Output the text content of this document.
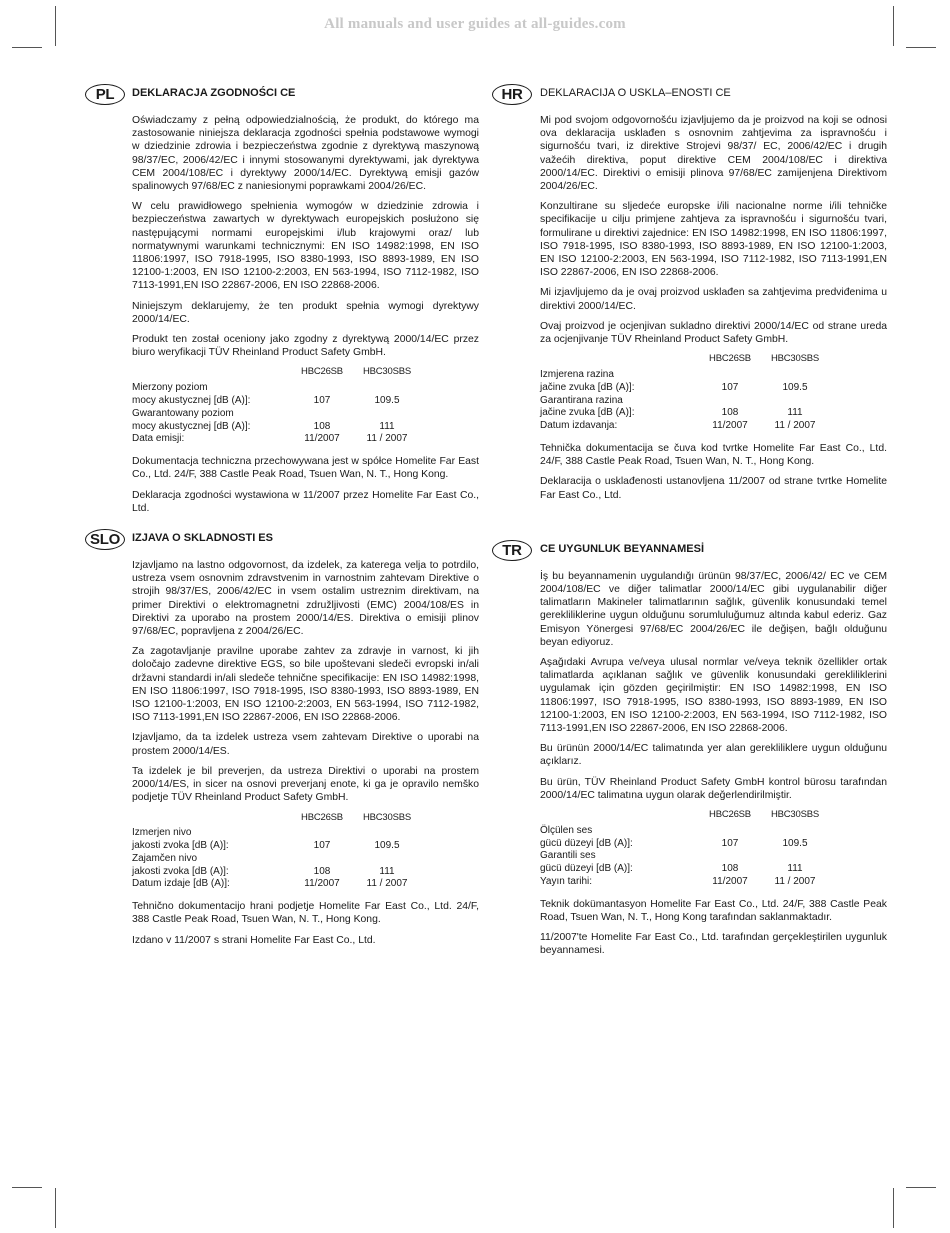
All manuals and user guides at all-guides.com
PL	DEKLARACJA ZGODNOŚCI CE

Oświadczamy z pełną odpowiedzialnością, że produkt, do którego ma zastosowanie niniejsza deklaracja zgodności spełnia podstawowe wymogi w dziedzinie zdrowia i bezpieczeństwa zgodnie z dyrektywą maszynową 98/37/EC, 2006/42/EC i innymi stosowanymi dyrektywami, jak dyrektywa CEM 2004/108/EC i dyrektywy 2000/14/EC. Dyrektywą emisji gazów spalinowych 97/68/EC z naniesionymi poprawkami 2004/26/EC.

W celu prawidłowego spełnienia wymogów w dziedzinie zdrowia i bezpieczeństwa zawartych w dyrektywach europejskich posłużono się następującymi normami europejskimi i/lub krajowymi oraz/ lub normatywnymi warunkami technicznymi: EN ISO 14982:1998, EN ISO 11806:1997, ISO 7918-1995, ISO 8380-1993, ISO 8893-1989, EN ISO 12100-1:2003, EN ISO 12100-2:2003, EN 563-1994, ISO 7112-1982, ISO 7113-1991,EN ISO 22867-2006, EN ISO 22868-2006.

Niniejszym deklarujemy, że ten produkt spełnia wymogi dyrektywy 2000/14/EC.

Produkt ten został oceniony jako zgodny z dyrektywą 2000/14/EC przez biuro weryfikacji TÜV Rheinland Product Safety GmbH.

	HBC26SB	HBC30SBS
Mierzony poziom		
mocy akustycznej [dB (A)]:	107	109.5
Gwarantowany poziom		
mocy akustycznej [dB (A)]:	108	111
Data emisji:	11/2007	11 / 2007

Dokumentacja techniczna przechowywana jest w spółce Homelite Far East Co., Ltd. 24/F, 388 Castle Peak Road, Tsuen Wan, N. T., Hong Kong.

Deklaracja zgodności wystawiona w 11/2007 przez Homelite Far East Co., Ltd.

SLO	IZJAVA O SKLADNOSTI ES

Izjavljamo na lastno odgovornost, da izdelek, za katerega velja to potrdilo, ustreza vsem osnovnim zdravstvenim in varnostnim zahtevam Direktive o strojih 98/37/ES, 2006/42/EC in vsem ostalim ustreznim direktivam, na primer Direktivi o elektromagnetni združljivosti (EMC) 2004/108/ES in Direktivi za uporabo na prostem 2000/14/ES. Direktiva o emisiji plinov 97/68/EC, popravljena z 2004/26/EC.

Za zagotavljanje pravilne uporabe zahtev za zdravje in varnost, ki jih določajo zadevne direktive EGS, so bile upoštevani sledeči evropski in/ali državni standardi in/ali sledeče tehnične specifikacije: EN ISO 14982:1998, EN ISO 11806:1997, ISO 7918-1995, ISO 8380-1993, ISO 8893-1989, EN ISO 12100-1:2003, EN ISO 12100-2:2003, EN 563-1994, ISO 7112-1982, ISO 7113-1991,EN ISO 22867-2006, EN ISO 22868-2006.

Izjavljamo, da ta izdelek ustreza vsem zahtevam Direktive o uporabi na prostem 2000/14/ES.

Ta izdelek je bil preverjen, da ustreza Direktivi o uporabi na prostem 2000/14/ES, in sicer na osnovi preverjanj enote, ki ga je opravilo nemško podjetje TÜV Rheinland Product Safety GmbH.

	HBC26SB	HBC30SBS
Izmerjen nivo		
jakosti zvoka [dB (A)]:	107	109.5
Zajamčen nivo		
jakosti zvoka [dB (A)]:	108	111
Datum izdaje [dB (A)]:	11/2007	11 / 2007

Tehnično dokumentacijo hrani podjetje Homelite Far East Co., Ltd. 24/F, 388 Castle Peak Road, Tsuen Wan, N. T., Hong Kong.

Izdano v 11/2007 s strani Homelite Far East Co., Ltd.

HR	DEKLARACIJA O USKLA–ENOSTI CE

Mi pod svojom odgovornošću izjavljujemo da je proizvod na koji se odnosi ova deklaracija usklađen s osnovnim zahtjevima za ispravnošću i sigurnošću tvari, iz direktive Strojevi 98/37/ EC, 2006/42/EC i drugih važećih direktiva, poput direktive CEM 2004/108/EC i direktiva 2000/14/EC. Direktivi o emisiji plinova 97/68/EC zamijenjena Direktivom 2004/26/EC.

Konzultirane su sljedeće europske i/ili nacionalne norme i/ili tehničke specifikacije u cilju primjene zahtjeva za ispravnošću i sigurnošću tvari, formulirane u direktivi zajednice: EN ISO 14982:1998, EN ISO 11806:1997, ISO 7918-1995, ISO 8380-1993, ISO 8893-1989, EN ISO 12100-1:2003, EN ISO 12100-2:2003, EN 563-1994, ISO 7112-1982, ISO 7113-1991,EN ISO 22867-2006, EN ISO 22868-2006.

Mi izjavljujemo da je ovaj proizvod usklađen sa zahtjevima predviđenima u direktivi 2000/14/EC.

Ovaj proizvod je ocjenjivan sukladno direktivi 2000/14/EC od strane ureda za ocjenjivanje TÜV Rheinland Product Safety GmbH.

	HBC26SB	HBC30SBS
Izmjerena razina		
jačine zvuka [dB (A)]:	107	109.5
Garantirana razina		
jačine zvuka [dB (A)]:	108	111
Datum izdavanja:	11/2007	11 / 2007

Tehnička dokumentacija se čuva kod tvrtke Homelite Far East Co., Ltd. 24/F, 388 Castle Peak Road, Tsuen Wan, N. T., Hong Kong.

Deklaracija o usklađenosti ustanovljena 11/2007 od strane tvrtke Homelite Far East Co., Ltd.

TR	CE UYGUNLUK BEYANNAMESİ

İş bu beyannamenin uygulandığı ürünün 98/37/EC, 2006/42/ EC ve CEM 2004/108/EC ve diğer talimatlar 2000/14/EC gibi uygulanabilir diğer talimatların Makineler talimatlarının sağlık, güvenlik konusundaki temel gerekliliklerine uygun olduğunu sorumluluğumuz altında kabul ederiz. Gaz Emisyon Yönergesi 97/68/EC 2004/26/EC ile değişen, bağlı olduğunu beyan ediyoruz.

Aşağıdaki Avrupa ve/veya ulusal normlar ve/veya teknik özellikler ortak talimatlarda açıklanan sağlık ve güvenlik konusundaki gerekliliklerini uygulamak için gözden geçirilmiştir: EN ISO 14982:1998, EN ISO 11806:1997, ISO 7918-1995, ISO 8380-1993, ISO 8893-1989, EN ISO 12100-1:2003, EN ISO 12100-2:2003, EN 563-1994, ISO 7112-1982, ISO 7113-1991,EN ISO 22867-2006, EN ISO 22868-2006.

Bu ürünün 2000/14/EC talimatında yer alan gerekliliklere uygun olduğunu açıklarız.

Bu ürün, TÜV Rheinland Product Safety GmbH kontrol bürosu tarafından 2000/14/EC talimatına uygun olarak değerlendirilmiştir.

	HBC26SB	HBC30SBS
Ölçülen ses		
gücü düzeyi [dB (A)]:	107	109.5
Garantili ses		
gücü düzeyi [dB (A)]:	108	111
Yayın tarihi:	11/2007	11 / 2007

Teknik dokümantasyon Homelite Far East Co., Ltd. 24/F, 388 Castle Peak Road, Tsuen Wan, N. T., Hong Kong tarafından saklanmaktadır.

11/2007'te Homelite Far East Co., Ltd. tarafından gerçekleştirilen uygunluk beyannamesi.
